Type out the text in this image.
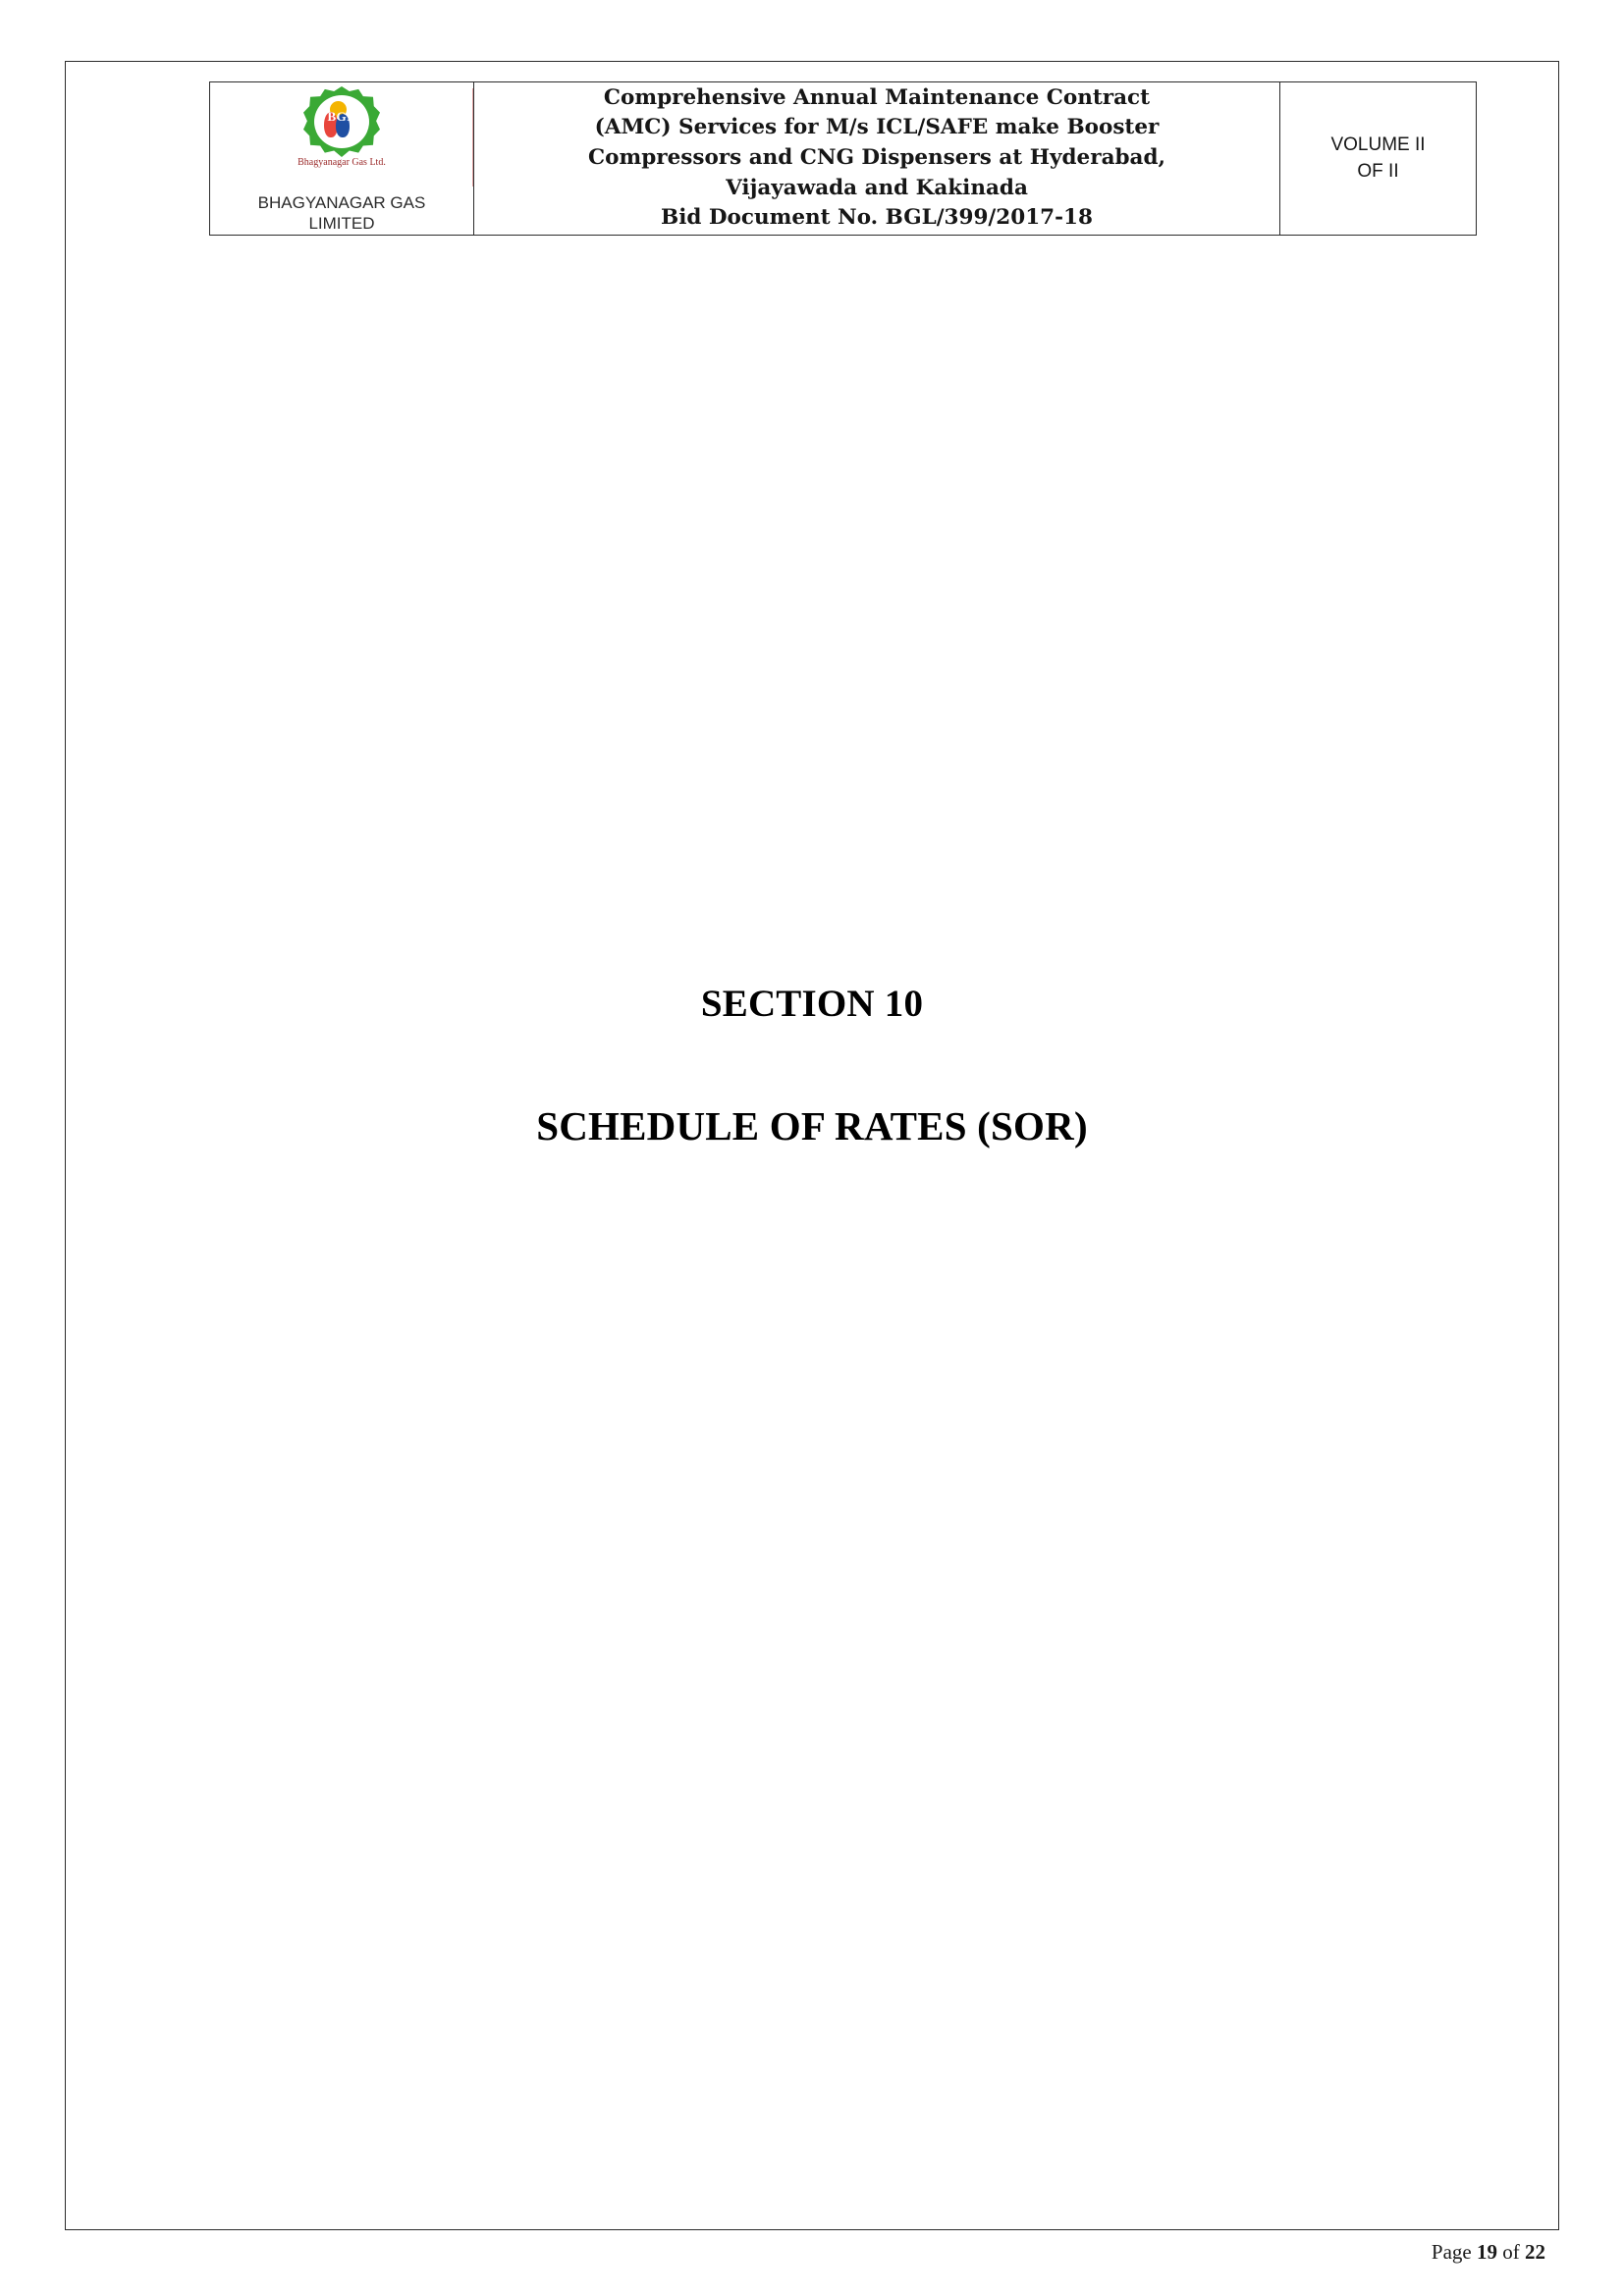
BGL
Bhagyanagar Gas Ltd.
BHAGYANAGAR GAS
LIMITED

Comprehensive Annual Maintenance Contract
(AMC) Services for M/s ICL/SAFE make Booster
Compressors and CNG Dispensers at Hyderabad,
Vijayawada and Kakinada
Bid Document No. BGL/399/2017-18

VOLUME II
OF II
SECTION 10
SCHEDULE OF RATES (SOR)
Page 19 of 22
